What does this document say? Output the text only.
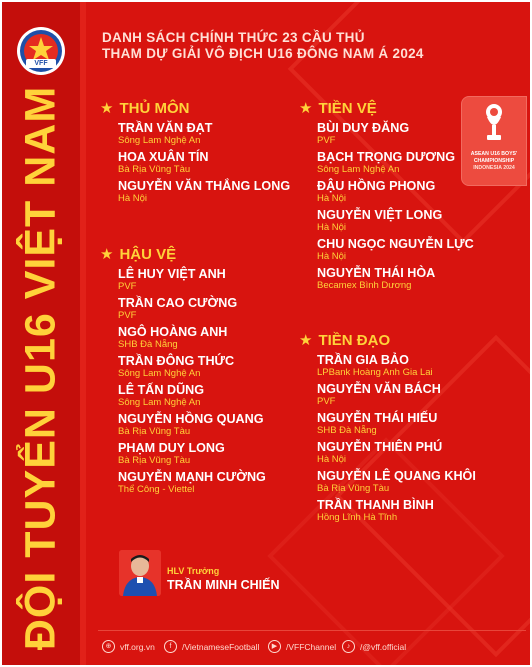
VFF
ĐỘI TUYỂN U16 VIỆT NAM
DANH SÁCH CHÍNH THỨC 23 CẦU THỦ
THAM DỰ GIẢI VÔ ĐỊCH U16 ĐÔNG NAM Á 2024
ASEAN U16 BOYS'
CHAMPIONSHIP
INDONESIA 2024
★ THỦ MÔN
TRẦN VĂN ĐẠT
Sông Lam Nghệ An
HOA XUÂN TÍN
Bà Rịa Vũng Tàu
NGUYỄN VĂN THẮNG LONG
Hà Nội
★ HẬU VỆ
LÊ HUY VIỆT ANH
PVF
TRẦN CAO CƯỜNG
PVF
NGÔ HOÀNG ANH
SHB Đà Nẵng
TRẦN ĐÔNG THỨC
Sông Lam Nghệ An
LÊ TẤN DŨNG
Sông Lam Nghệ An
NGUYỄN HỒNG QUANG
Bà Rịa Vũng Tàu
PHẠM DUY LONG
Bà Rịa Vũng Tàu
NGUYỄN MẠNH CƯỜNG
Thể Công - Viettel
★ TIỀN VỆ
BÙI DUY ĐĂNG
PVF
BẠCH TRỌNG DƯƠNG
Sông Lam Nghệ An
ĐẬU HỒNG PHONG
Hà Nội
NGUYỄN VIỆT LONG
Hà Nội
CHU NGỌC NGUYỄN LỰC
Hà Nội
NGUYỄN THÁI HÒA
Becamex Bình Dương
★ TIỀN ĐẠO
TRẦN GIA BẢO
LPBank Hoàng Anh Gia Lai
NGUYỄN VĂN BÁCH
PVF
NGUYỄN THÁI HIẾU
SHB Đà Nẵng
NGUYỄN THIÊN PHÚ
Hà Nội
NGUYỄN LÊ QUANG KHÔI
Bà Rịa Vũng Tàu
TRẦN THANH BÌNH
Hồng Lĩnh Hà Tĩnh
HLV Trưởng
TRẦN MINH CHIẾN
⊕	vff.org.vn	f	/VietnameseFootball	▶	/VFFChannel	♪	/@vff.official
